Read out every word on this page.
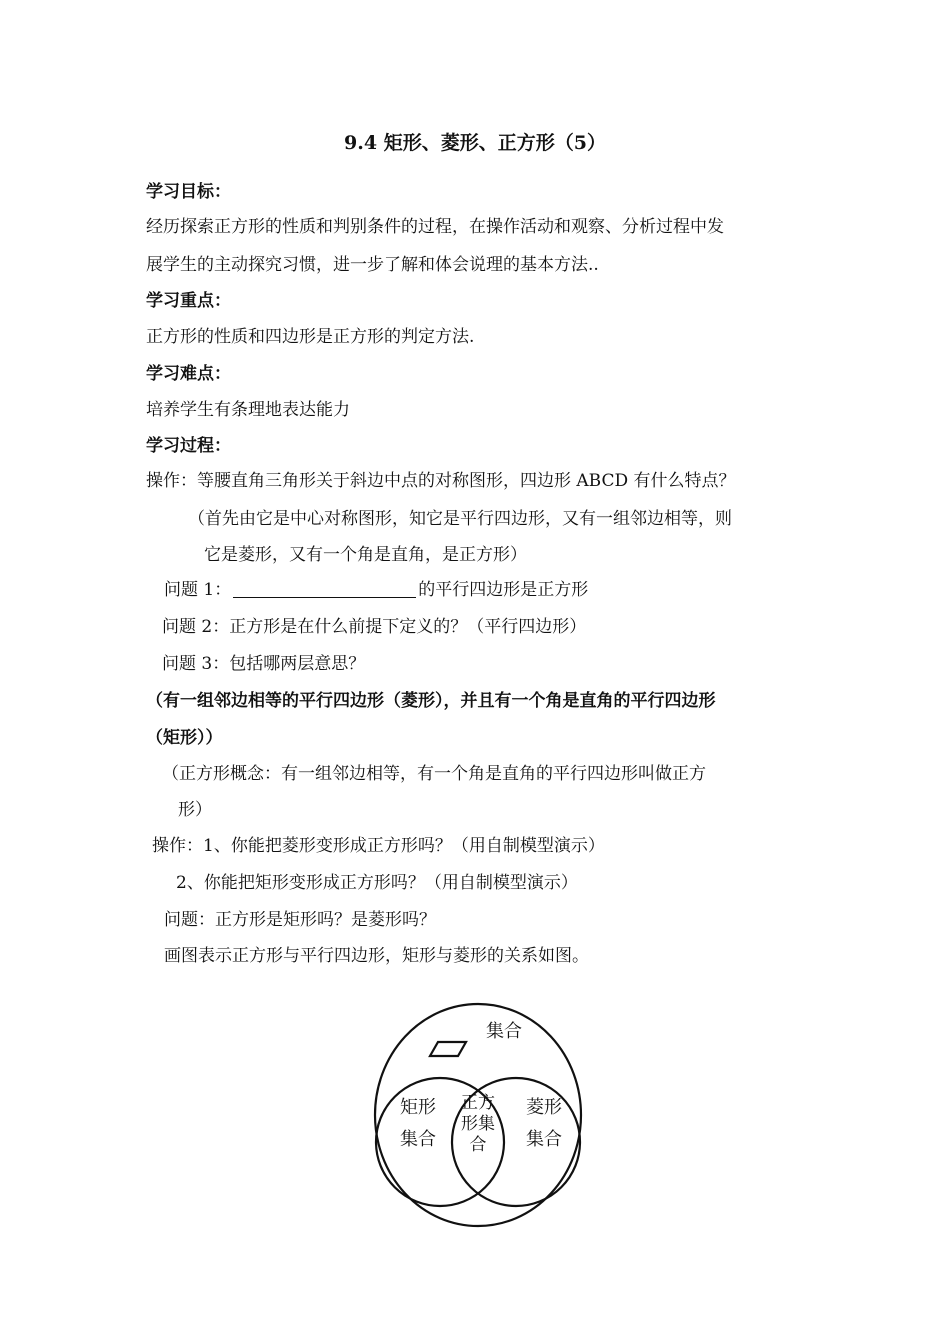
9.4 矩形、菱形、正方形（5）
学习目标：
经历探索正方形的性质和判别条件的过程，在操作活动和观察、分析过程中发
展学生的主动探究习惯，进一步了解和体会说理的基本方法..
学习重点：
正方形的性质和四边形是正方形的判定方法.
学习难点：
培养学生有条理地表达能力
学习过程：
操作：等腰直角三角形关于斜边中点的对称图形，四边形 ABCD 有什么特点？
（首先由它是中心对称图形，知它是平行四边形，又有一组邻边相等，则
它是菱形，又有一个角是直角，是正方形）
问题 1：	的平行四边形是正方形
问题 2：正方形是在什么前提下定义的？（平行四边形）
问题 3：包括哪两层意思？
（有一组邻边相等的平行四边形（菱形），并且有一个角是直角的平行四边形
（矩形））
（正方形概念：有一组邻边相等，有一个角是直角的平行四边形叫做正方
形）
操作：1、你能把菱形变形成正方形吗？（用自制模型演示）
2、你能把矩形变形成正方形吗？（用自制模型演示）
问题：正方形是矩形吗？是菱形吗？
画图表示正方形与平行四边形，矩形与菱形的关系如图。
集合
矩形
集合
菱形
集合
正方
形集
合
